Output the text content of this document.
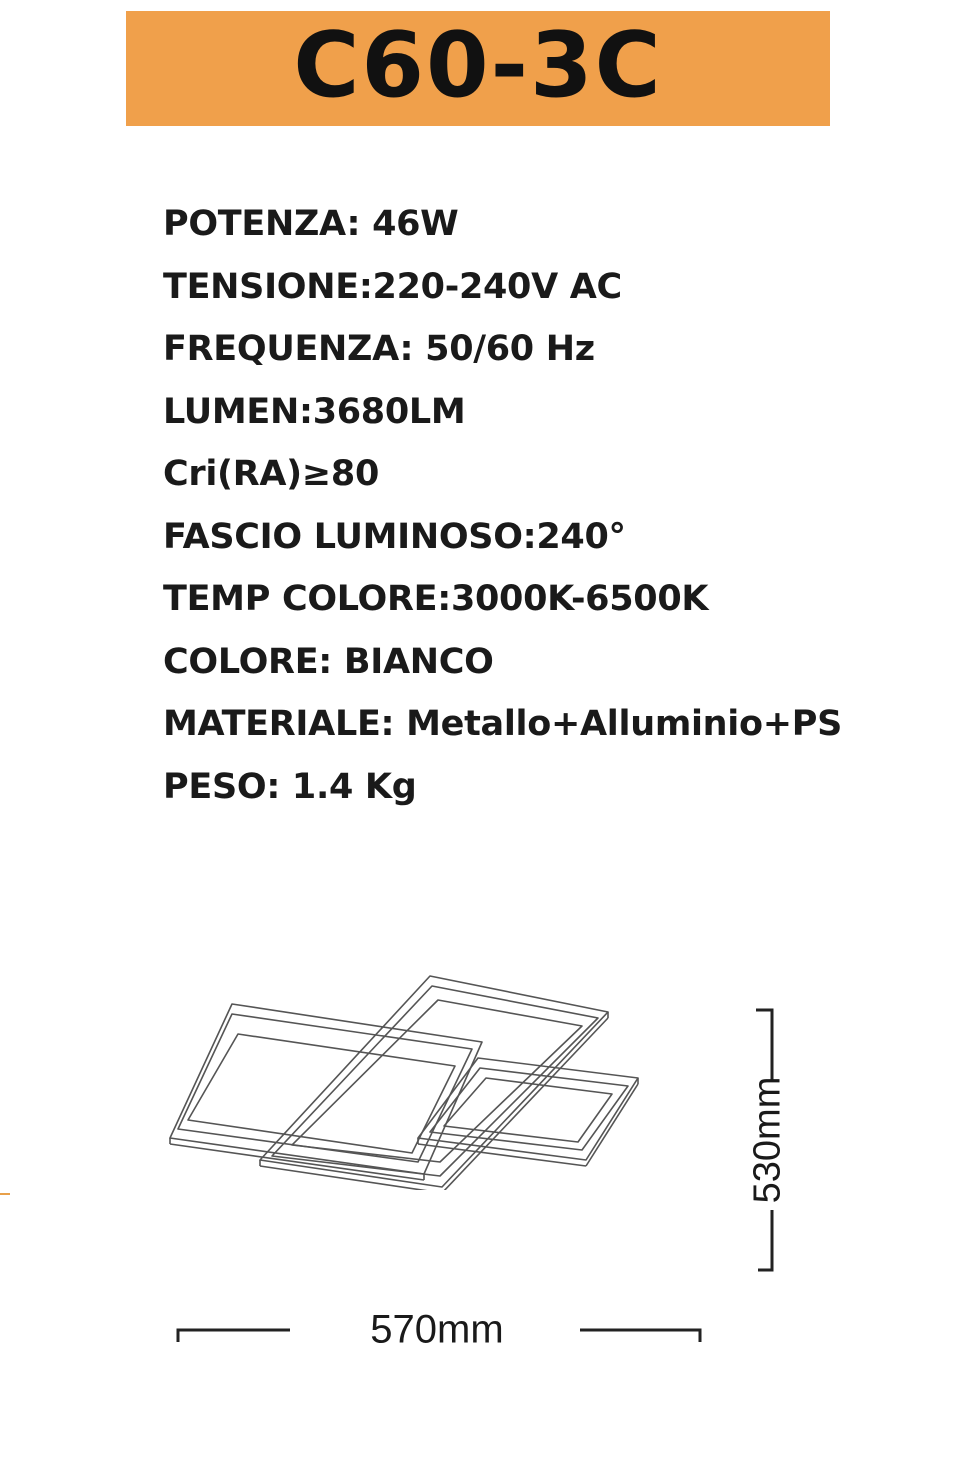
C60-3C
POTENZA: 46W
TENSIONE:220-240V AC
FREQUENZA: 50/60 Hz
LUMEN:3680LM
Cri(RA)≥80
FASCIO LUMINOSO:240°
TEMP COLORE:3000K-6500K
COLORE: BIANCO
MATERIALE: Metallo+Alluminio+PS
PESO: 1.4 Kg
530mm
570mm
